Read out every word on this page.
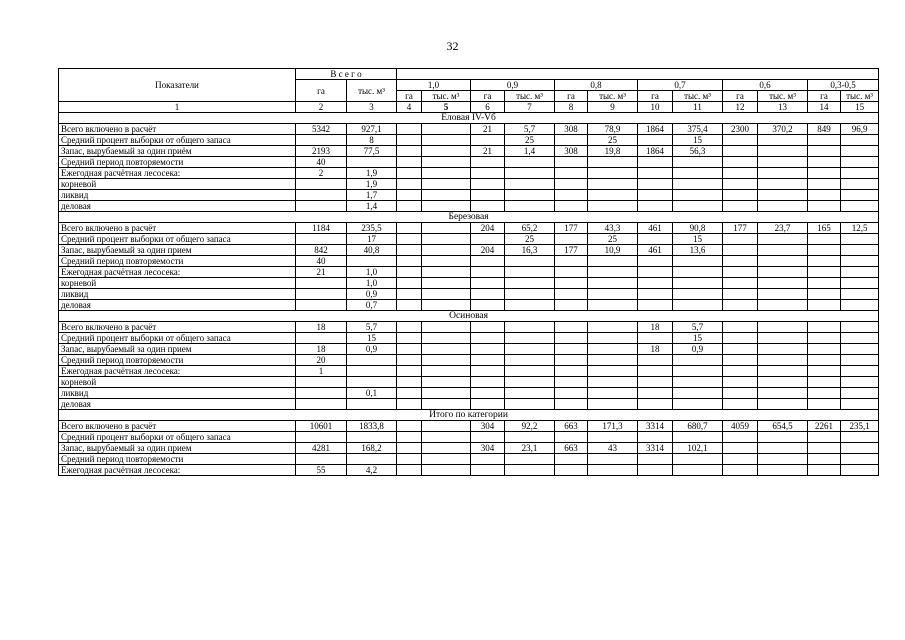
32
Показатели	В с е г о													
	га	тыс. м³	1,0		0,9		0,8		0,7		0,6		0,3-0,5	
			га	тыс. м³	га	тыс. м³	га	тыс. м³	га	тыс. м³	га	тыс. м³	га	тыс. м³
1	2	3	4	5	6	7	8	9	10	11	12	13	14	15
Еловая IV-Vб														
Всего включено в расчёт	5342	927,1			21	5,7	308	78,9	1864	375,4	2300	370,2	849	96,9
Средний процент выборки от общего запаса		8				25		25		15				
Запас, вырубаемый за один приём	2193	77,5			21	1,4	308	19,8	1864	56,3				
Средний период повторяемости	40													
Ежегодная расчётная лесосека:	2	1,9												
корневой		1,9												
ликвид		1,7												
деловая		1,4												
Березовая														
Всего включено в расчёт	1184	235,5			204	65,2	177	43,3	461	90,8	177	23,7	165	12,5
Средний процент выборки от общего запаса		17				25		25		15				
Запас, вырубаемый за один прием	842	40,8			204	16,3	177	10,9	461	13,6				
Средний период повторяемости	40													
Ежегодная расчётная лесосека:	21	1,0												
корневой		1,0												
ликвид		0,9												
деловая		0,7												
Осиновая														
Всего включено в расчёт	18	5,7							18	5,7				
Средний процент выборки от общего запаса		15								15				
Запас, вырубаемый за один прием	18	0,9							18	0,9				
Средний период повторяемости	20													
Ежегодная расчётная лесосека:	1													
корневой														
ликвид		0,1												
деловая														
Итого по категории														
Всего включено в расчёт	10601	1833,8			304	92,2	663	171,3	3314	680,7	4059	654,5	2261	235,1
Средний процент выборки от общего запаса														
Запас, вырубаемый за один прием	4281	168,2			304	23,1	663	43	3314	102,1				
Средний период повторяемости														
Ежегодная расчётная лесосека:	55	4,2												
